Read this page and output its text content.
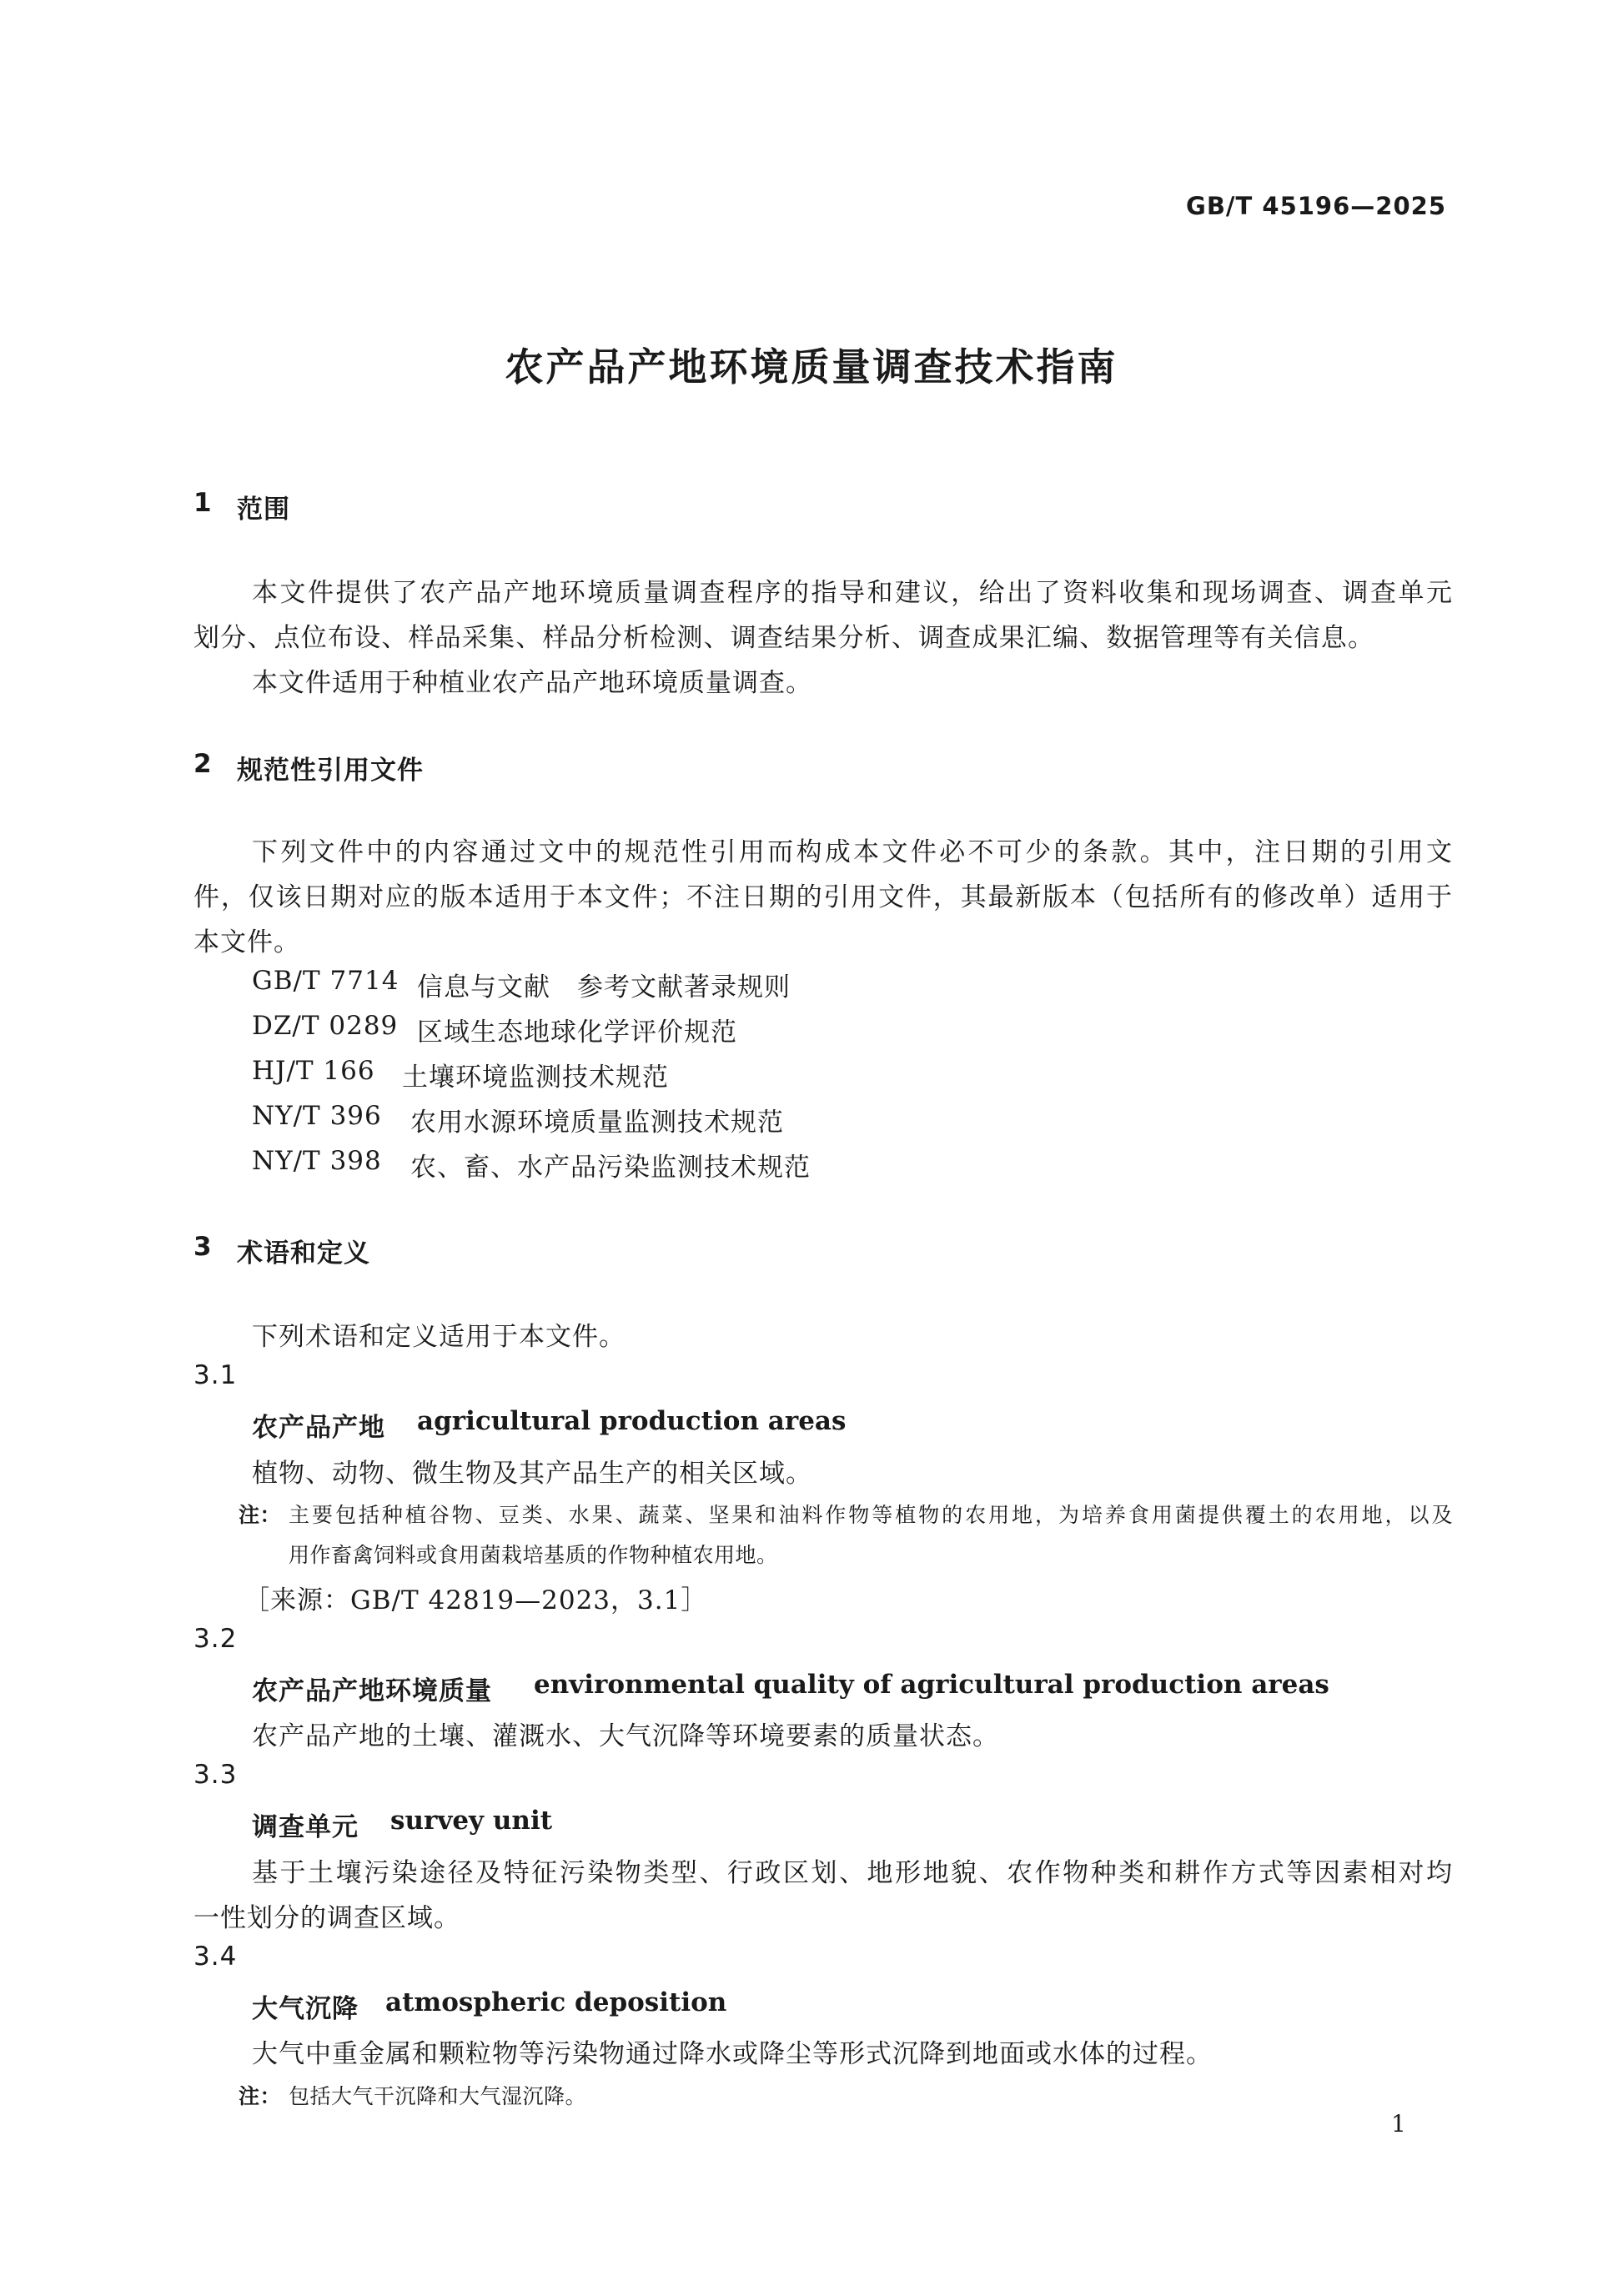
GB/T 45196—2025
农产品产地环境质量调查技术指南
1 范围
本文件提供了农产品产地环境质量调查程序的指导和建议，给出了资料收集和现场调查、调查单元
划分、点位布设、样品采集、样品分析检测、调查结果分析、调查成果汇编、数据管理等有关信息。
本文件适用于种植业农产品产地环境质量调查。
2 规范性引用文件
下列文件中的内容通过文中的规范性引用而构成本文件必不可少的条款。其中，注日期的引用文
件，仅该日期对应的版本适用于本文件；不注日期的引用文件，其最新版本（包括所有的修改单）适用于
本文件。
GB/T 7714 信息与文献　参考文献著录规则
DZ/T 0289 区域生态地球化学评价规范
HJ/T 166 土壤环境监测技术规范
NY/T 396 农用水源环境质量监测技术规范
NY/T 398 农、畜、水产品污染监测技术规范
3 术语和定义
下列术语和定义适用于本文件。
3.1
农产品产地 agricultural production areas
植物、动物、微生物及其产品生产的相关区域。
注： 主要包括种植谷物、豆类、水果、蔬菜、坚果和油料作物等植物的农用地，为培养食用菌提供覆土的农用地，以及
用作畜禽饲料或食用菌栽培基质的作物种植农用地。
［来源：GB/T 42819—2023，3.1］
3.2
农产品产地环境质量 environmental quality of agricultural production areas
农产品产地的土壤、灌溉水、大气沉降等环境要素的质量状态。
3.3
调查单元 survey unit
基于土壤污染途径及特征污染物类型、行政区划、地形地貌、农作物种类和耕作方式等因素相对均
一性划分的调查区域。
3.4
大气沉降 atmospheric deposition
大气中重金属和颗粒物等污染物通过降水或降尘等形式沉降到地面或水体的过程。
注： 包括大气干沉降和大气湿沉降。
1
